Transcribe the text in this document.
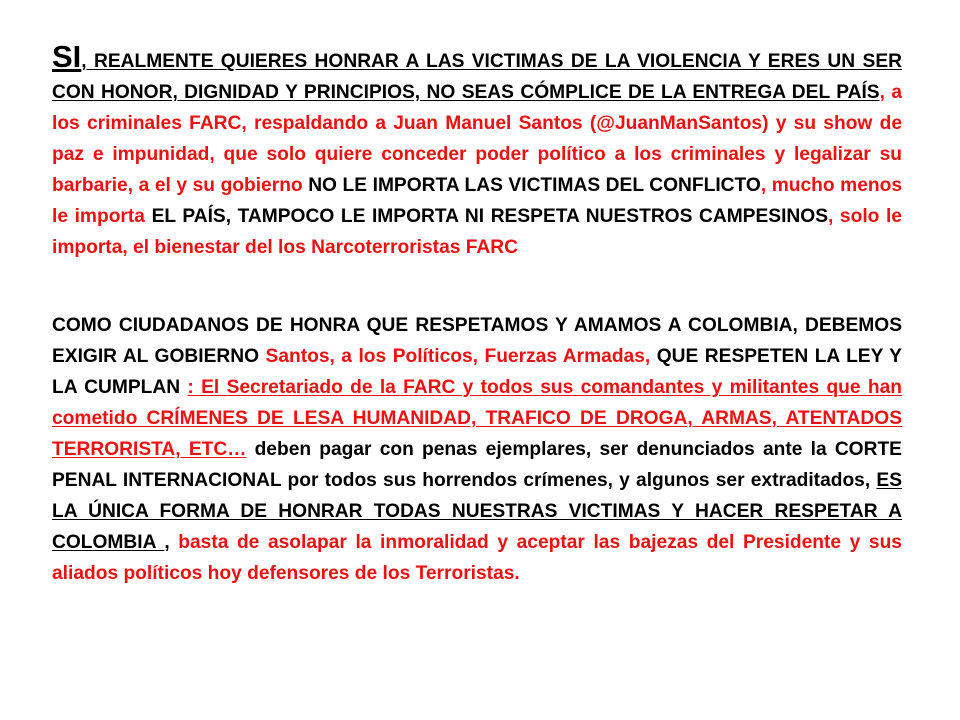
SI, REALMENTE QUIERES HONRAR A LAS VICTIMAS DE LA VIOLENCIA Y ERES UN SER CON HONOR, DIGNIDAD Y PRINCIPIOS, NO SEAS CÓMPLICE DE LA ENTREGA DEL PAÍS, a los criminales FARC, respaldando a Juan Manuel Santos (@JuanManSantos) y su show de paz e impunidad, que solo quiere conceder poder político a los criminales y legalizar su barbarie, a el y su gobierno NO LE IMPORTA LAS VICTIMAS DEL CONFLICTO, mucho menos le importa EL PAÍS, TAMPOCO LE IMPORTA NI RESPETA NUESTROS CAMPESINOS, solo le importa, el bienestar del los Narcoterroristas FARC
COMO CIUDADANOS DE HONRA QUE RESPETAMOS Y AMAMOS A COLOMBIA, DEBEMOS EXIGIR AL GOBIERNO Santos, a los Políticos, Fuerzas Armadas, QUE RESPETEN LA LEY Y LA CUMPLAN : El Secretariado de la FARC y todos sus comandantes y militantes que han cometido CRÍMENES DE LESA HUMANIDAD, TRAFICO DE DROGA, ARMAS, ATENTADOS TERRORISTA, ETC… deben pagar con penas ejemplares, ser denunciados ante la CORTE PENAL INTERNACIONAL por todos sus horrendos crímenes, y algunos ser extraditados, ES LA ÚNICA FORMA DE HONRAR TODAS NUESTRAS VICTIMAS Y HACER RESPETAR A COLOMBIA , basta de asolapar la inmoralidad y aceptar las bajezas del Presidente y sus aliados políticos hoy defensores de los Terroristas.
